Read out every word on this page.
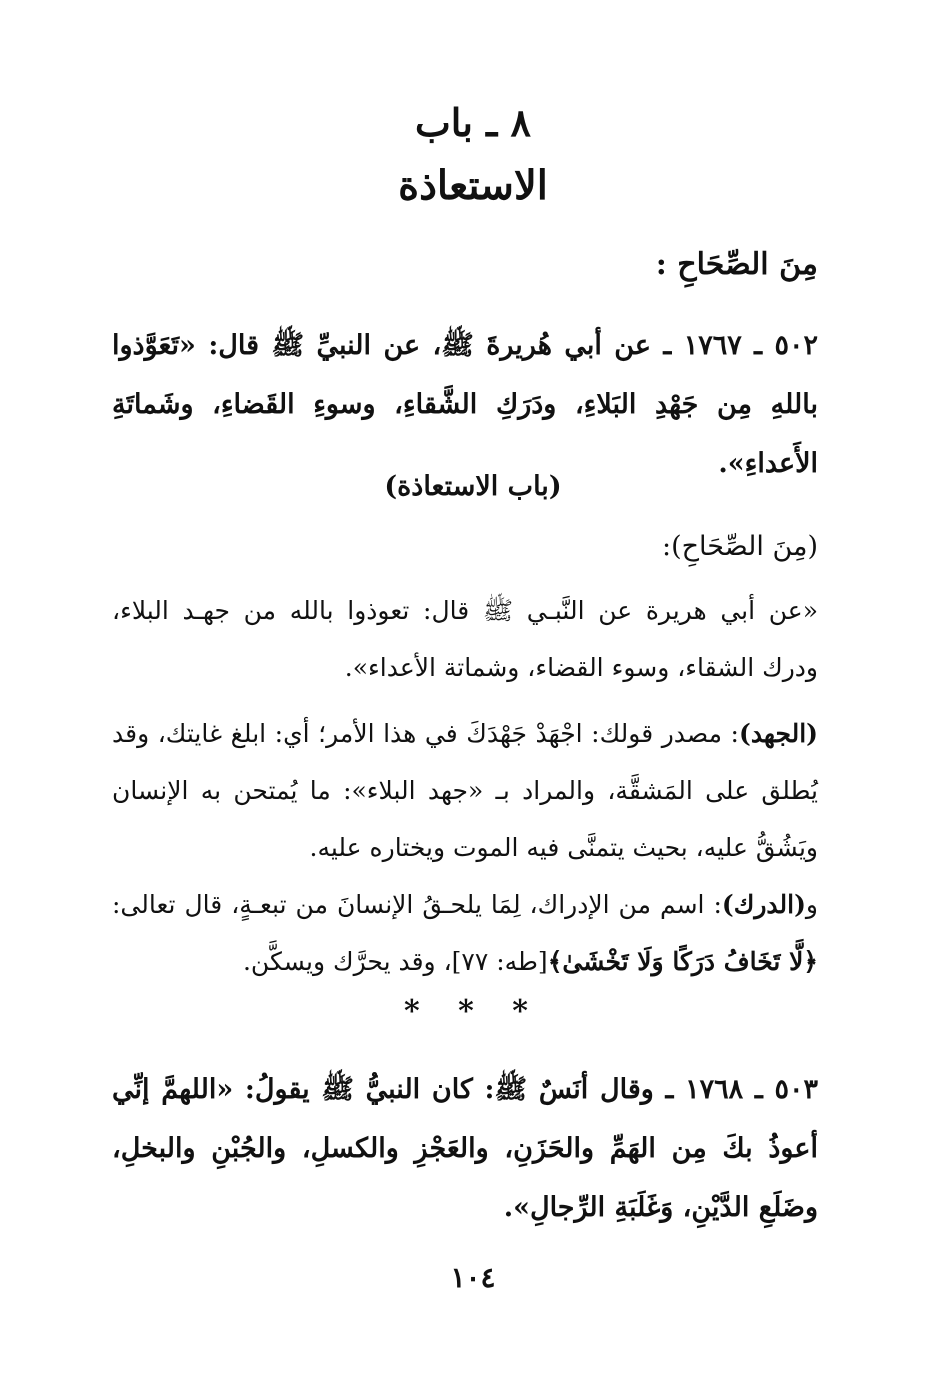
٨ ـ باب
الاستعاذة
مِنَ الصِّحَاحِ :
٥٠٢ ـ ١٧٦٧ ـ عن أبي هُريرةَ ﷺ، عن النبيِّ ﷺ قال: «تَعَوَّذوا باللهِ مِن جَهْدِ البَلاءِ، ودَرَكِ الشَّقاءِ، وسوءِ القَضاءِ، وشَماتَةِ الأَعداءِ».
(باب الاستعاذة)
(مِنَ الصِّحَاحِ):
«عن أبي هريرة عن النَّبـي ﷺ قال: تعوذوا بالله من جهـد البلاء، ودرك الشقاء، وسوء القضاء، وشماتة الأعداء».
(الجهد): مصدر قولك: اجْهَدْ جَهْدَكَ في هذا الأمر؛ أي: ابلغ غايتك، وقد يُطلق على المَشقَّة، والمراد بـ «جهد البلاء»: ما يُمتحن به الإنسان ويَشُقُّ عليه، بحيث يتمنَّى فيه الموت ويختاره عليه.
و(الدرك): اسم من الإدراك، لِمَا يلحـقُ الإنسانَ من تبعـةٍ، قال تعالى: ﴿لَّا تَخَافُ دَرَكًا وَلَا تَخْشَىٰ﴾[طه: ٧٧]، وقد يحرَّك ويسكَّن.
* * *
٥٠٣ ـ ١٧٦٨ ـ وقال أنَسٌ ﷺ: كان النبيُّ ﷺ يقولُ: «اللهمَّ إنِّي أعوذُ بكَ مِن الهَمِّ والحَزَنِ، والعَجْزِ والكسلِ، والجُبْنِ والبخلِ، وضَلَعِ الدَّيْنِ، وَغَلَبَةِ الرِّجالِ».
١٠٤
